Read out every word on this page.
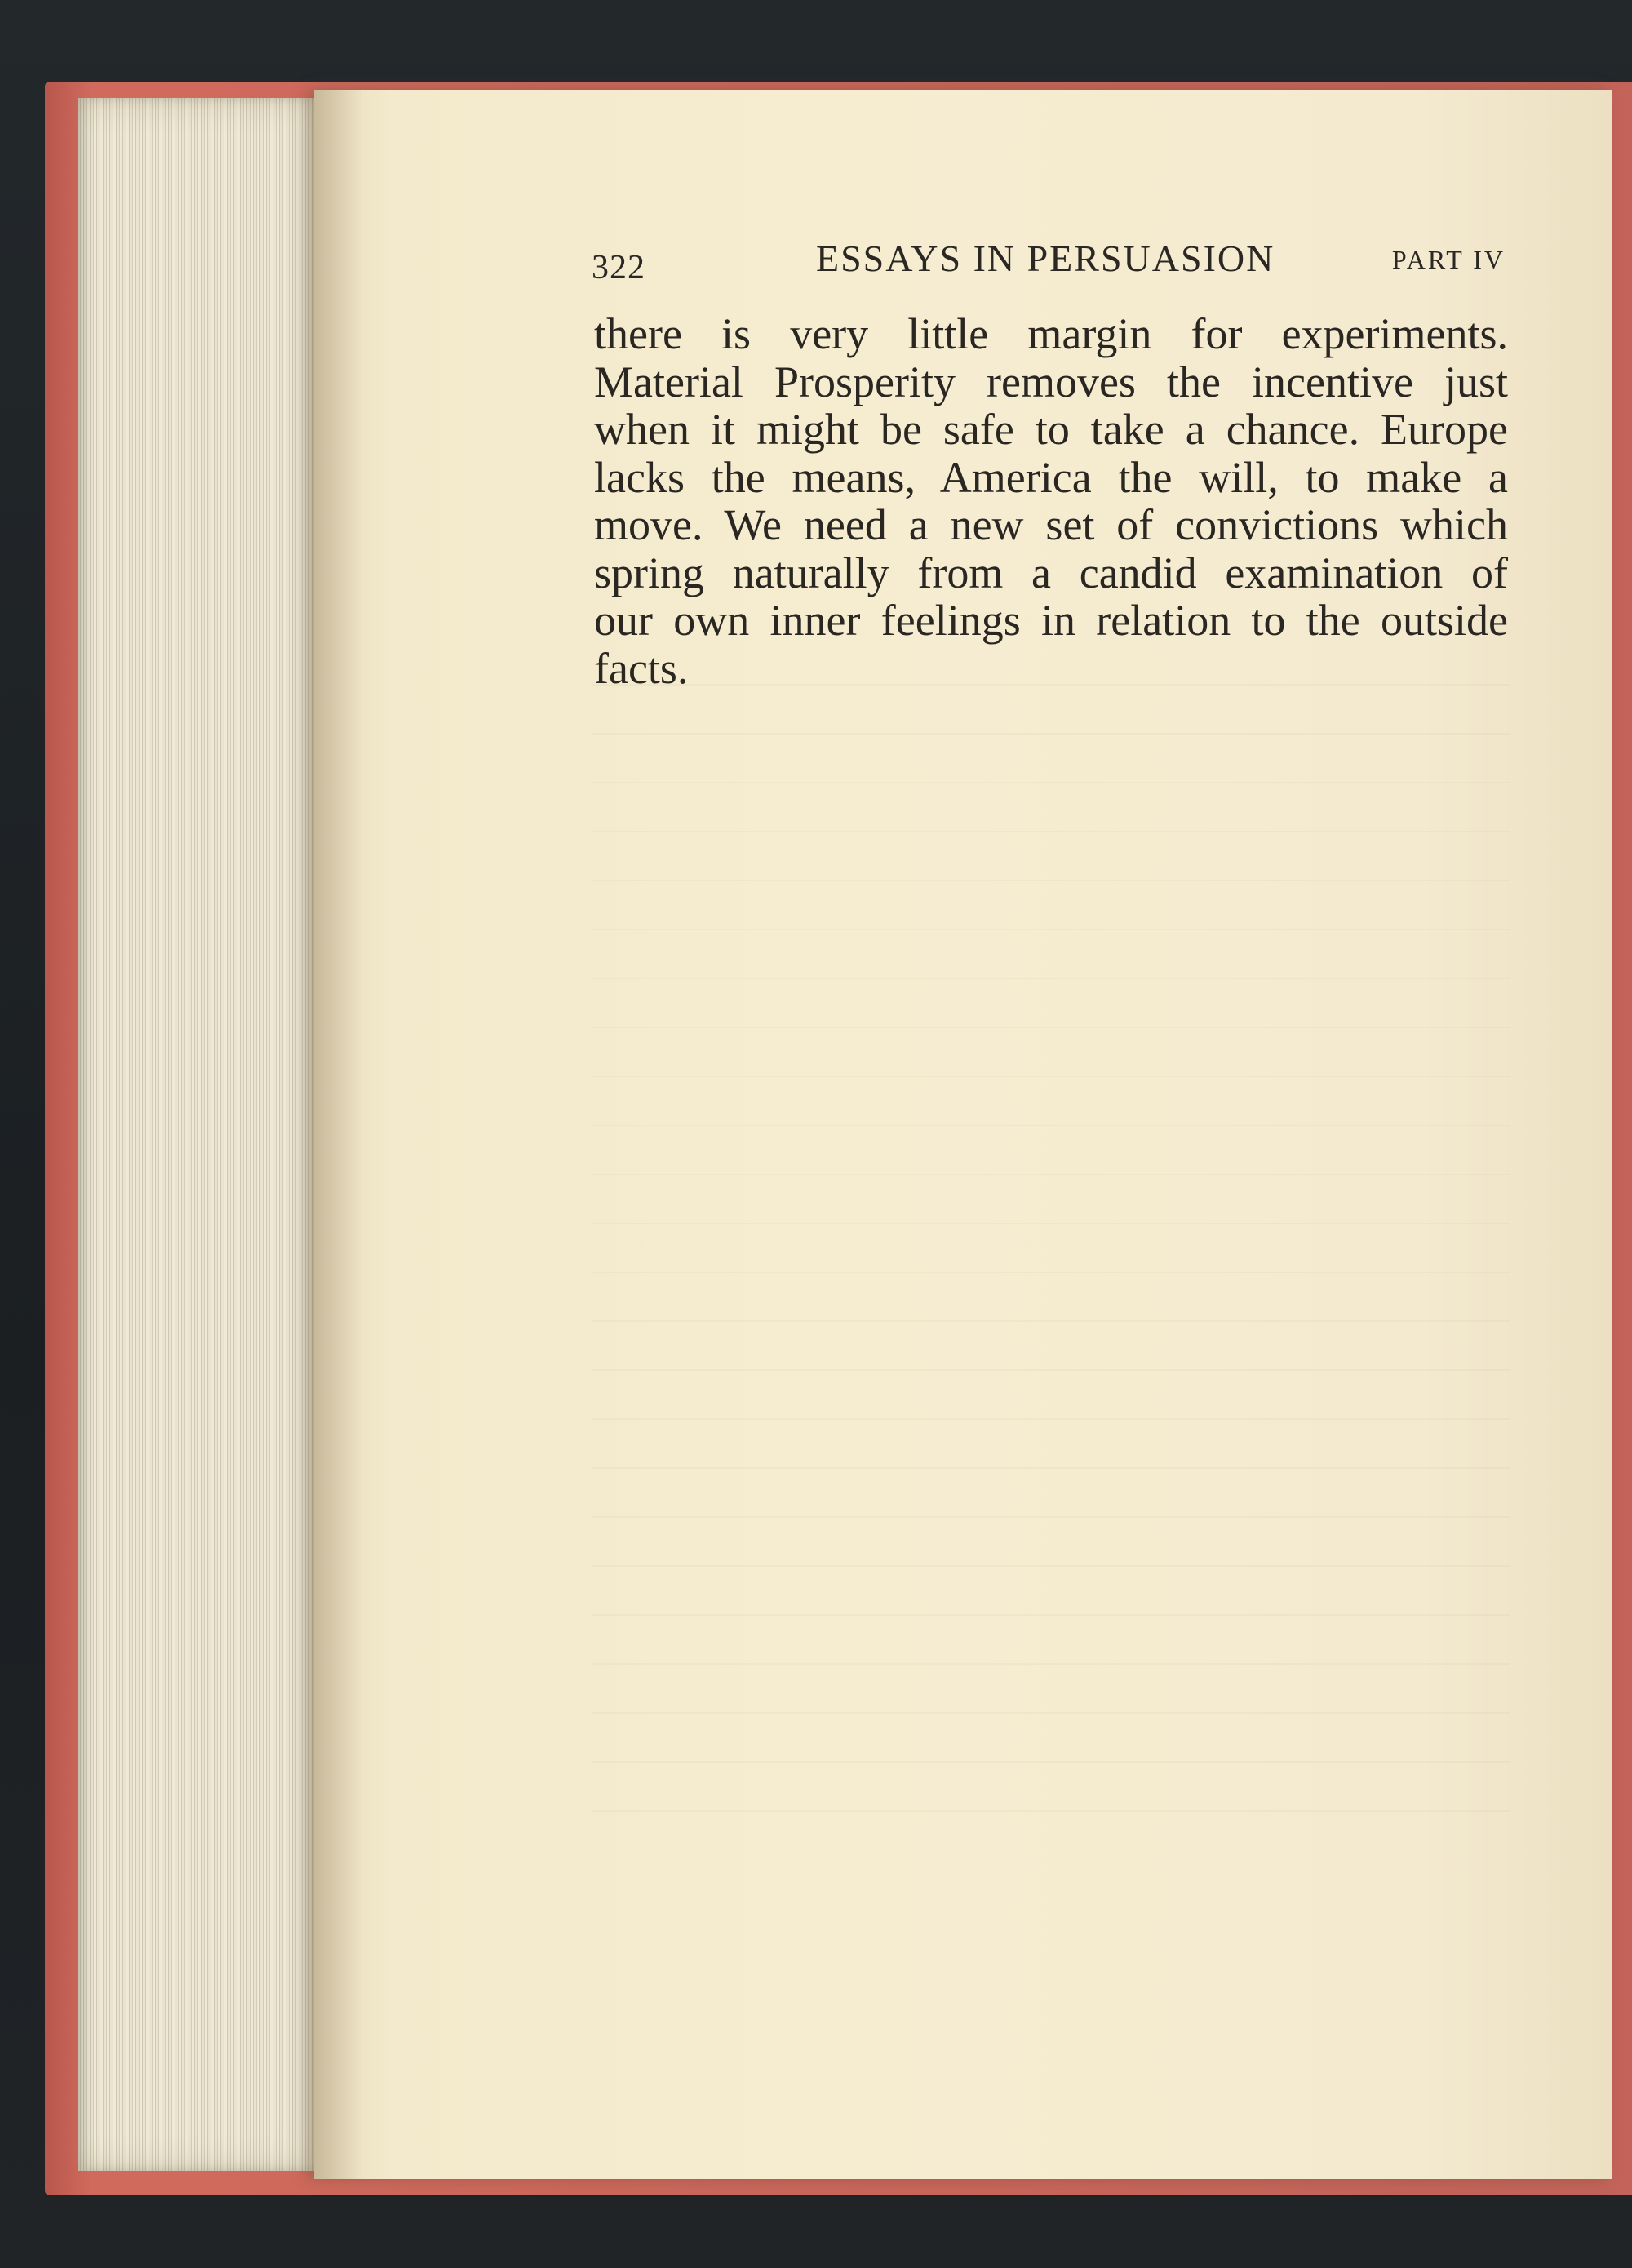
322	ESSAYS IN PERSUASION	PART IV
there is very little margin for experiments.
Material Prosperity removes the incentive just
when it might be safe to take a chance. Europe
lacks the means, America the will, to make a
move. We need a new set of convictions which
spring naturally from a candid examination of
our own inner feelings in relation to the outside
facts.
